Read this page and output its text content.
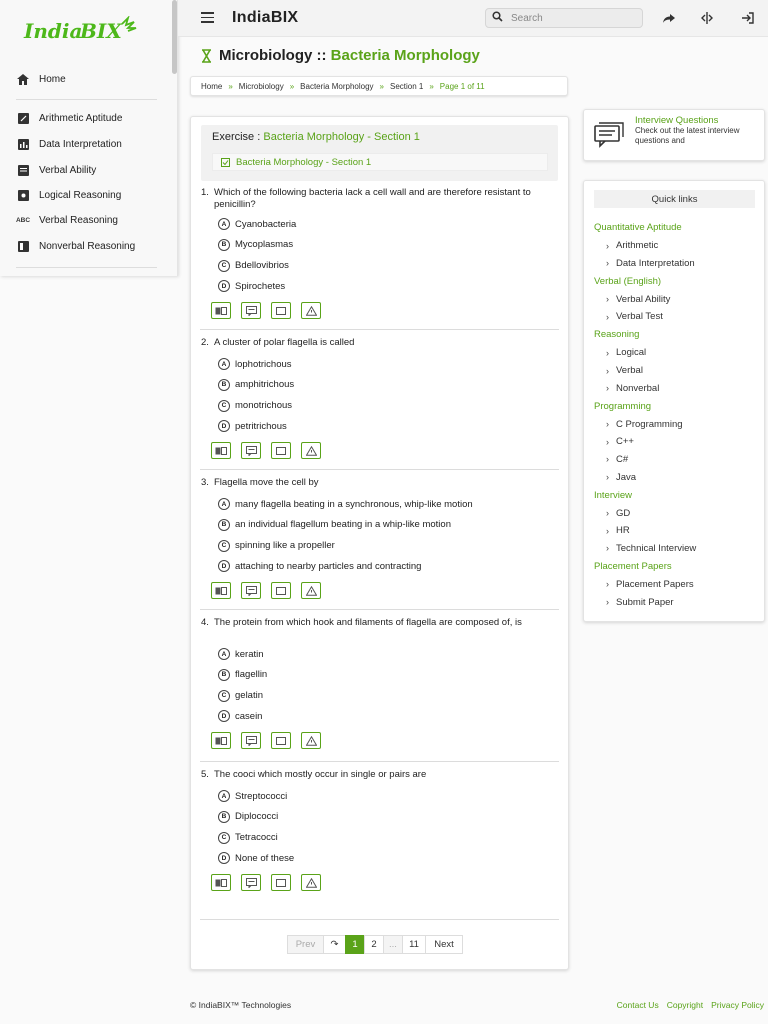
India
BIX
Home
Arithmetic Aptitude
Data Interpretation
Verbal Ability
Logical Reasoning
ABC Verbal Reasoning
Nonverbal Reasoning
IndiaBIX
Search
Microbiology :: Bacteria Morphology
Home » Microbiology » Bacteria Morphology » Section 1 » Page 1 of 11
Exercise : Bacteria Morphology - Section 1
Bacteria Morphology - Section 1
1. Which of the following bacteria lack a cell wall and are therefore resistant to penicillin?
A Cyanobacteria
B Mycoplasmas
C Bdellovibrios
D Spirochetes
2. A cluster of polar flagella is called
A lophotrichous
B amphitrichous
C monotrichous
D petritrichous
3. Flagella move the cell by
A many flagella beating in a synchronous, whip-like motion
B an individual flagellum beating in a whip-like motion
C spinning like a propeller
D attaching to nearby particles and contracting
4. The protein from which hook and filaments of flagella are composed of, is
A keratin
B flagellin
C gelatin
D casein
5. The cooci which mostly occur in single or pairs are
A Streptococci
B Diplococci
C Tetracocci
D None of these
Prev	↷	1	2	...	11	Next
Interview Questions
Check out the latest interview questions and
Quick links
Quantitative Aptitude
› Arithmetic
› Data Interpretation
Verbal (English)
› Verbal Ability
› Verbal Test
Reasoning
› Logical
› Verbal
› Nonverbal
Programming
› C Programming
› C++
› C#
› Java
Interview
› GD
› HR
› Technical Interview
Placement Papers
› Placement Papers
› Submit Paper
© IndiaBIX™ Technologies	Contact Us Copyright Privacy Policy
